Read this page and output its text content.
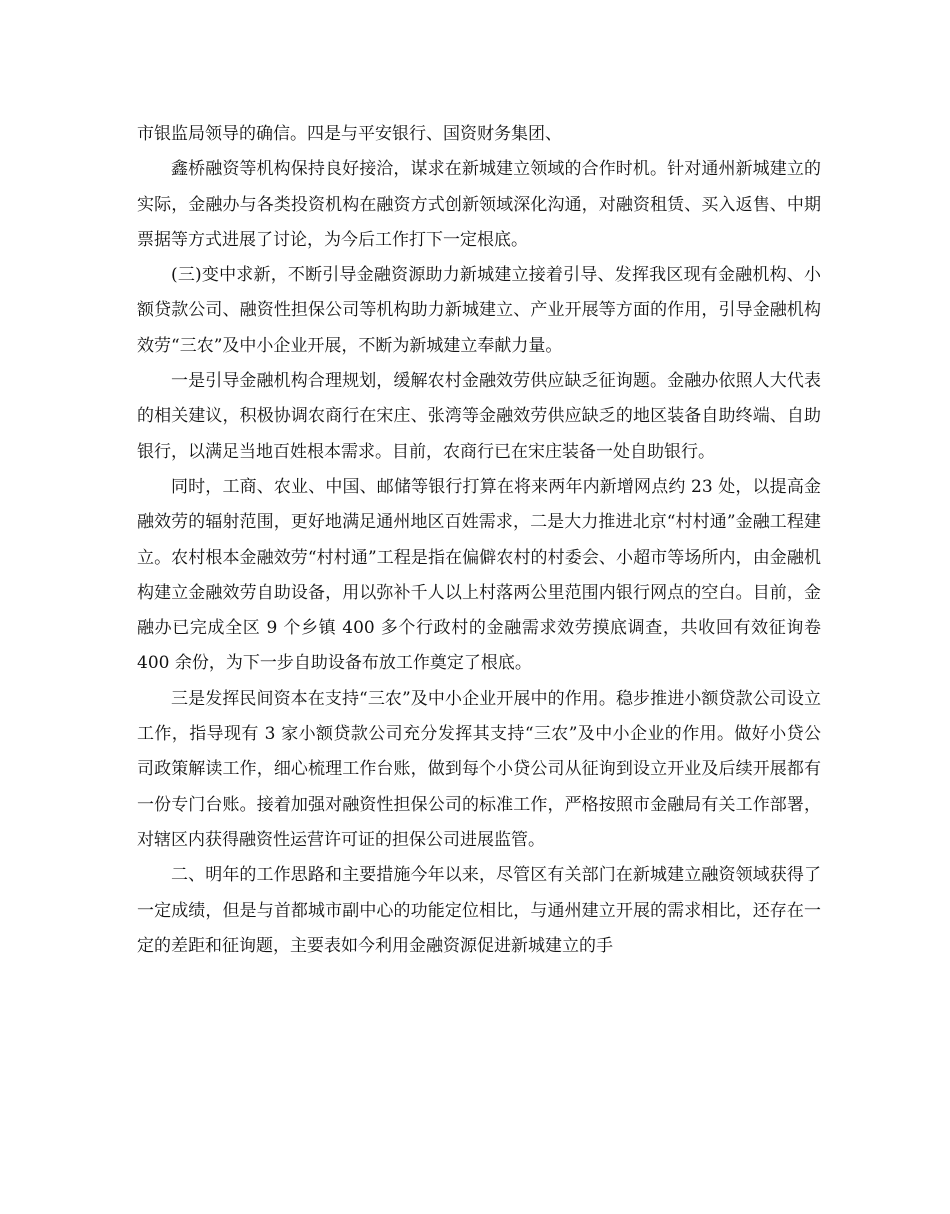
市银监局领导的确信。四是与平安银行、国资财务集团、

鑫桥融资等机构保持良好接洽，谋求在新城建立领域的合作时机。针对通州新城建立的实际，金融办与各类投资机构在融资方式创新领域深化沟通，对融资租赁、买入返售、中期票据等方式进展了讨论，为今后工作打下一定根底。

(三)变中求新，不断引导金融资源助力新城建立接着引导、发挥我区现有金融机构、小额贷款公司、融资性担保公司等机构助力新城建立、产业开展等方面的作用，引导金融机构效劳“三农”及中小企业开展，不断为新城建立奉献力量。

一是引导金融机构合理规划，缓解农村金融效劳供应缺乏征询题。金融办依照人大代表的相关建议，积极协调农商行在宋庄、张湾等金融效劳供应缺乏的地区装备自助终端、自助银行，以满足当地百姓根本需求。目前，农商行已在宋庄装备一处自助银行。

同时，工商、农业、中国、邮储等银行打算在将来两年内新增网点约 23 处，以提高金融效劳的辐射范围，更好地满足通州地区百姓需求，二是大力推进北京“村村通”金融工程建立。农村根本金融效劳“村村通”工程是指在偏僻农村的村委会、小超市等场所内，由金融机构建立金融效劳自助设备，用以弥补千人以上村落两公里范围内银行网点的空白。目前，金融办已完成全区 9 个乡镇 400 多个行政村的金融需求效劳摸底调查，共收回有效征询卷 400 余份，为下一步自助设备布放工作奠定了根底。

三是发挥民间资本在支持“三农”及中小企业开展中的作用。稳步推进小额贷款公司设立工作，指导现有 3 家小额贷款公司充分发挥其支持“三农”及中小企业的作用。做好小贷公司政策解读工作，细心梳理工作台账，做到每个小贷公司从征询到设立开业及后续开展都有一份专门台账。接着加强对融资性担保公司的标准工作，严格按照市金融局有关工作部署，对辖区内获得融资性运营许可证的担保公司进展监管。

二、明年的工作思路和主要措施今年以来，尽管区有关部门在新城建立融资领域获得了一定成绩，但是与首都城市副中心的功能定位相比，与通州建立开展的需求相比，还存在一定的差距和征询题，主要表如今利用金融资源促进新城建立的手
